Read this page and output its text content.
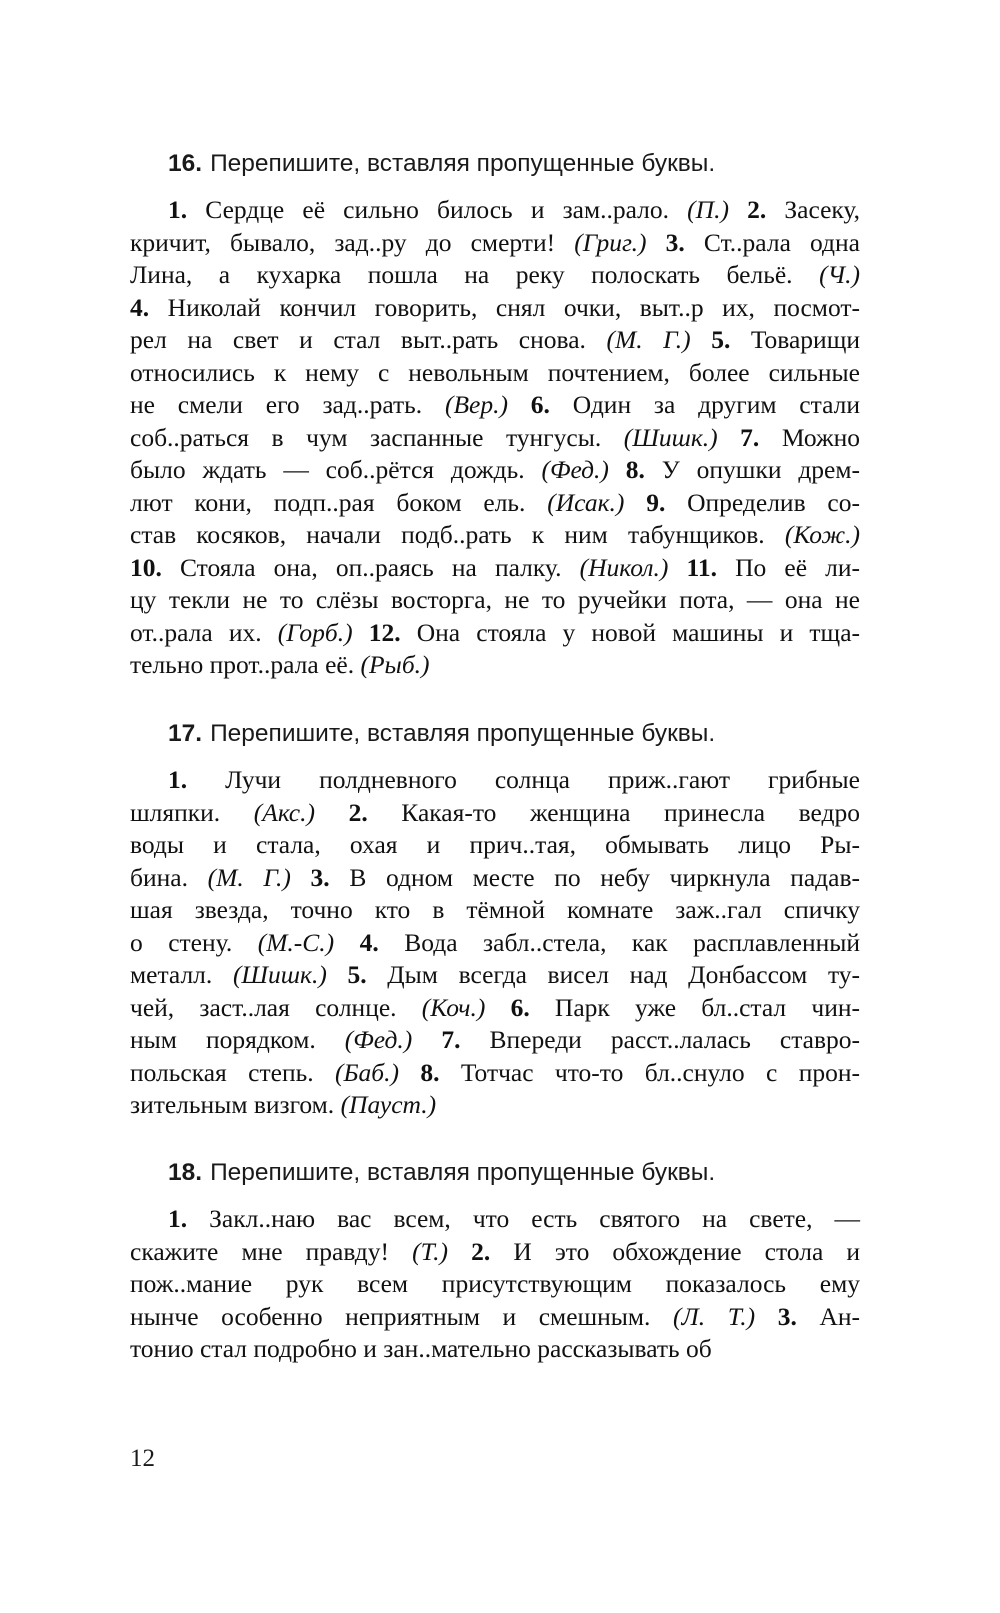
16. Перепишите, вставляя пропущенные буквы.
1. Сердце её сильно билось и зам..рало. (П.) 2. Засеку,
кричит, бывало, зад..ру до смерти! (Григ.) 3. Ст..рала одна
Лина, а кухарка пошла на реку полоскать бельё. (Ч.)
4. Николай кончил говорить, снял очки, выт..р их, посмот-
рел на свет и стал выт..рать снова. (М. Г.) 5. Товарищи
относились к нему с невольным почтением, более сильные
не смели его зад..рать. (Вер.) 6. Один за другим стали
соб..раться в чум заспанные тунгусы. (Шишк.) 7. Можно
было ждать — соб..рётся дождь. (Фед.) 8. У опушки дрем-
лют кони, подп..рая боком ель. (Исак.) 9. Определив со-
став косяков, начали подб..рать к ним табунщиков. (Кож.)
10. Стояла она, оп..раясь на палку. (Никол.) 11. По её ли-
цу текли не то слёзы восторга, не то ручейки пота, — она не
от..рала их. (Горб.) 12. Она стояла у новой машины и тща-
тельно прот..рала её. (Рыб.)
17. Перепишите, вставляя пропущенные буквы.
1. Лучи полдневного солнца приж..гают грибные
шляпки. (Акс.) 2. Какая-то женщина принесла ведро
воды и стала, охая и прич..тая, обмывать лицо Ры-
бина. (М. Г.) 3. В одном месте по небу чиркнула падав-
шая звезда, точно кто в тёмной комнате заж..гал спичку
о стену. (М.-С.) 4. Вода забл..стела, как расплавленный
металл. (Шишк.) 5. Дым всегда висел над Донбассом ту-
чей, заст..лая солнце. (Коч.) 6. Парк уже бл..стал чин-
ным порядком. (Фед.) 7. Впереди расст..лалась ставро-
польская степь. (Баб.) 8. Тотчас что-то бл..снуло с прон-
зительным визгом. (Пауст.)
18. Перепишите, вставляя пропущенные буквы.
1. Закл..наю вас всем, что есть святого на свете, —
скажите мне правду! (Т.) 2. И это обхождение стола и
пож..мание рук всем присутствующим показалось ему
нынче особенно неприятным и смешным. (Л. Т.) 3. Ан-
тонио стал подробно и зан..мательно рассказывать об
12
